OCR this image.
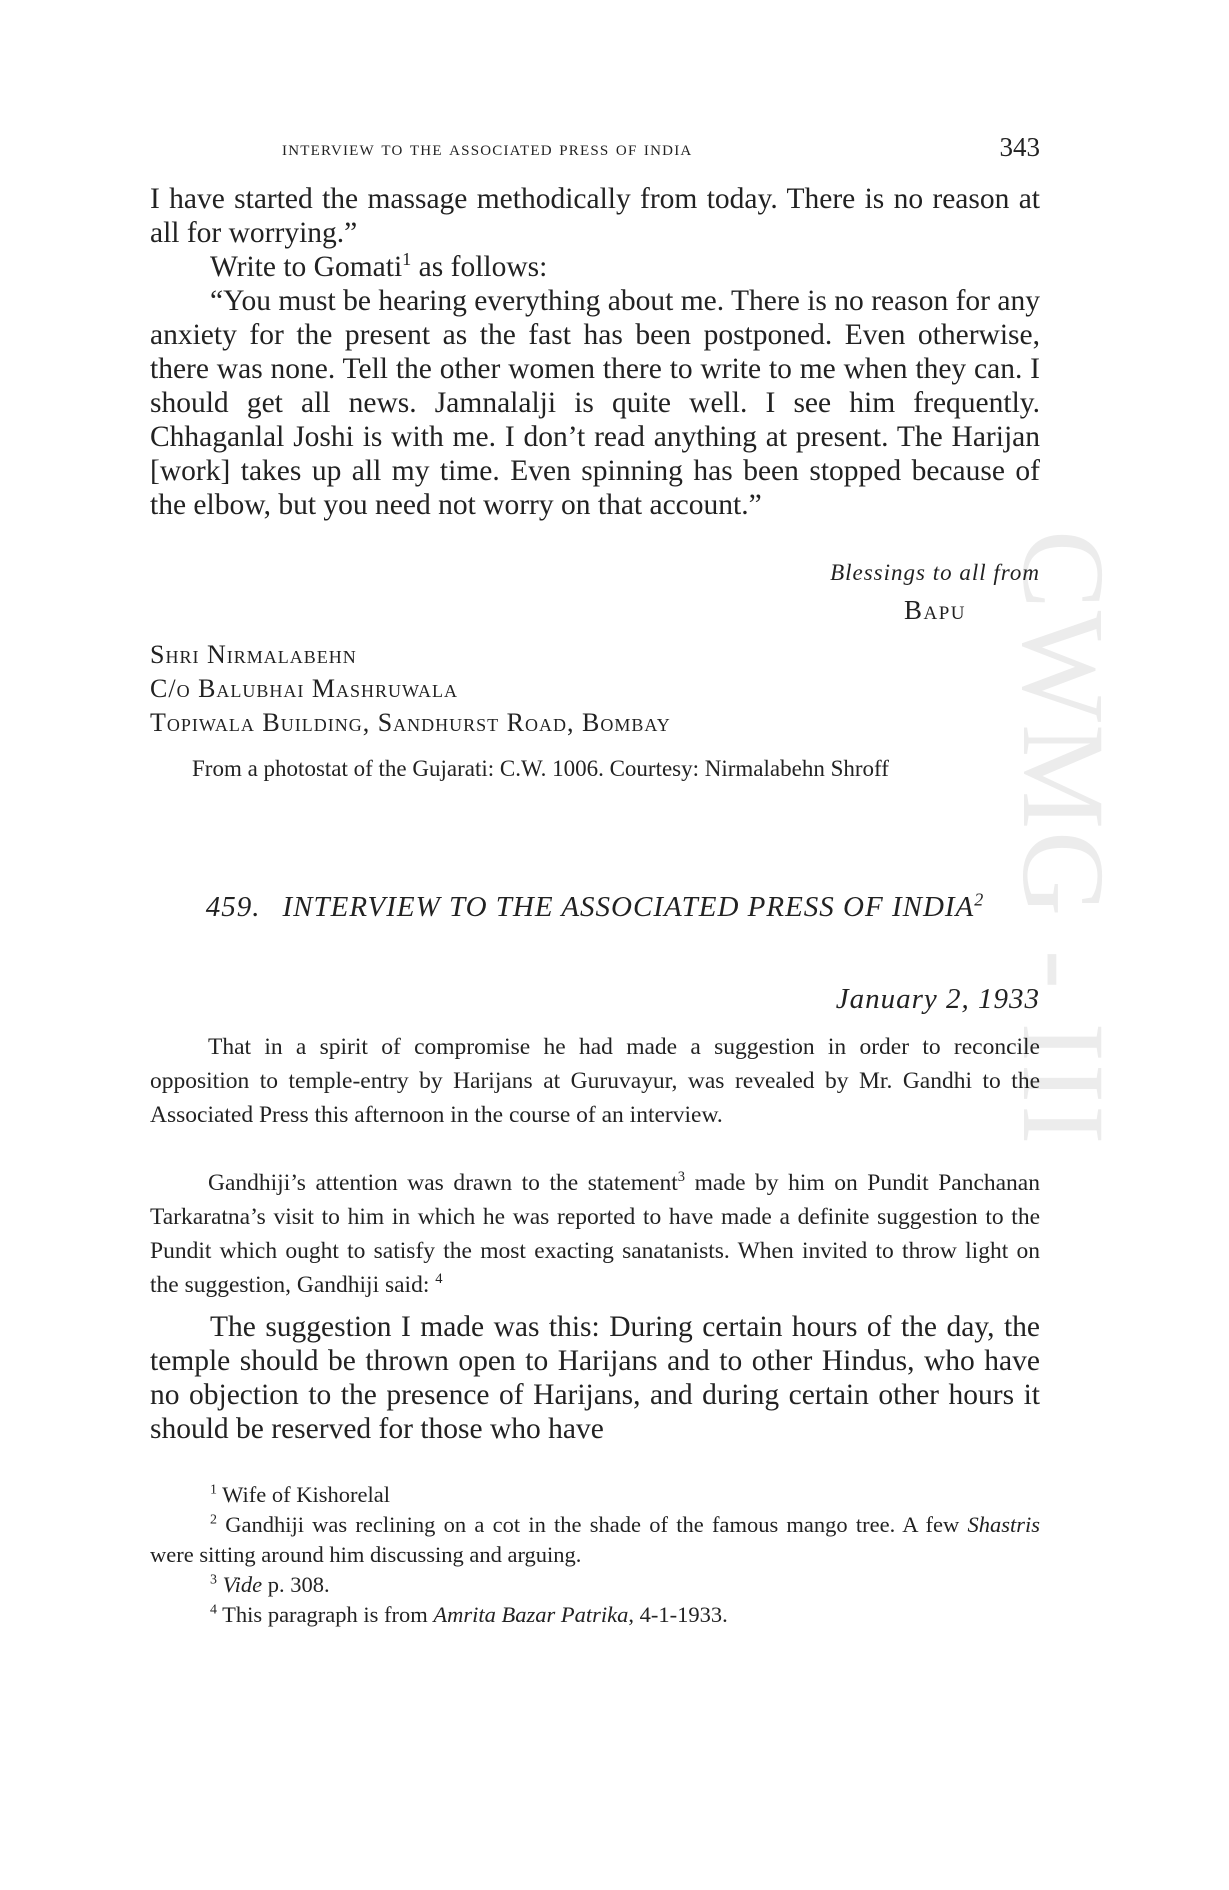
CWMG - III
interview to the associated press of india	343

I have started the massage methodically from today. There is no reason at all for worrying.”

Write to Gomati$^1$ as follows:

“You must be hearing everything about me. There is no reason for any anxiety for the present as the fast has been postponed. Even otherwise, there was none. Tell the other women there to write to me when they can. I should get all news. Jamnalalji is quite well. I see him frequently. Chhaganlal Joshi is with me. I don’t read anything at present. The Harijan [work] takes up all my time. Even spinning has been stopped because of the elbow, but you need not worry on that account.”

Blessings to all from
Bapu
Shri Nirmalabehn
C/o Balubhai Mashruwala
Topiwala Building, Sandhurst Road, Bombay

From a photostat of the Gujarati: C.W. 1006. Courtesy: Nirmalabehn Shroff

459. INTERVIEW TO THE ASSOCIATED PRESS OF INDIA$^2$
January 2, 1933

That in a spirit of compromise he had made a suggestion in order to reconcile opposition to temple-entry by Harijans at Guruvayur, was revealed by Mr. Gandhi to the Associated Press this afternoon in the course of an interview.

Gandhiji’s attention was drawn to the statement$^3$ made by him on Pundit Panchanan Tarkaratna’s visit to him in which he was reported to have made a definite suggestion to the Pundit which ought to satisfy the most exacting sanatanists. When invited to throw light on the suggestion, Gandhiji said: $^4$

The suggestion I made was this: During certain hours of the day, the temple should be thrown open to Harijans and to other Hindus, who have no objection to the presence of Harijans, and during certain other hours it should be reserved for those who have

$^1$ Wife of Kishorelal

$^2$ Gandhiji was reclining on a cot in the shade of the famous mango tree. A few Shastris were sitting around him discussing and arguing.

$^3$ Vide p. 308.

$^4$ This paragraph is from Amrita Bazar Patrika, 4-1-1933.
